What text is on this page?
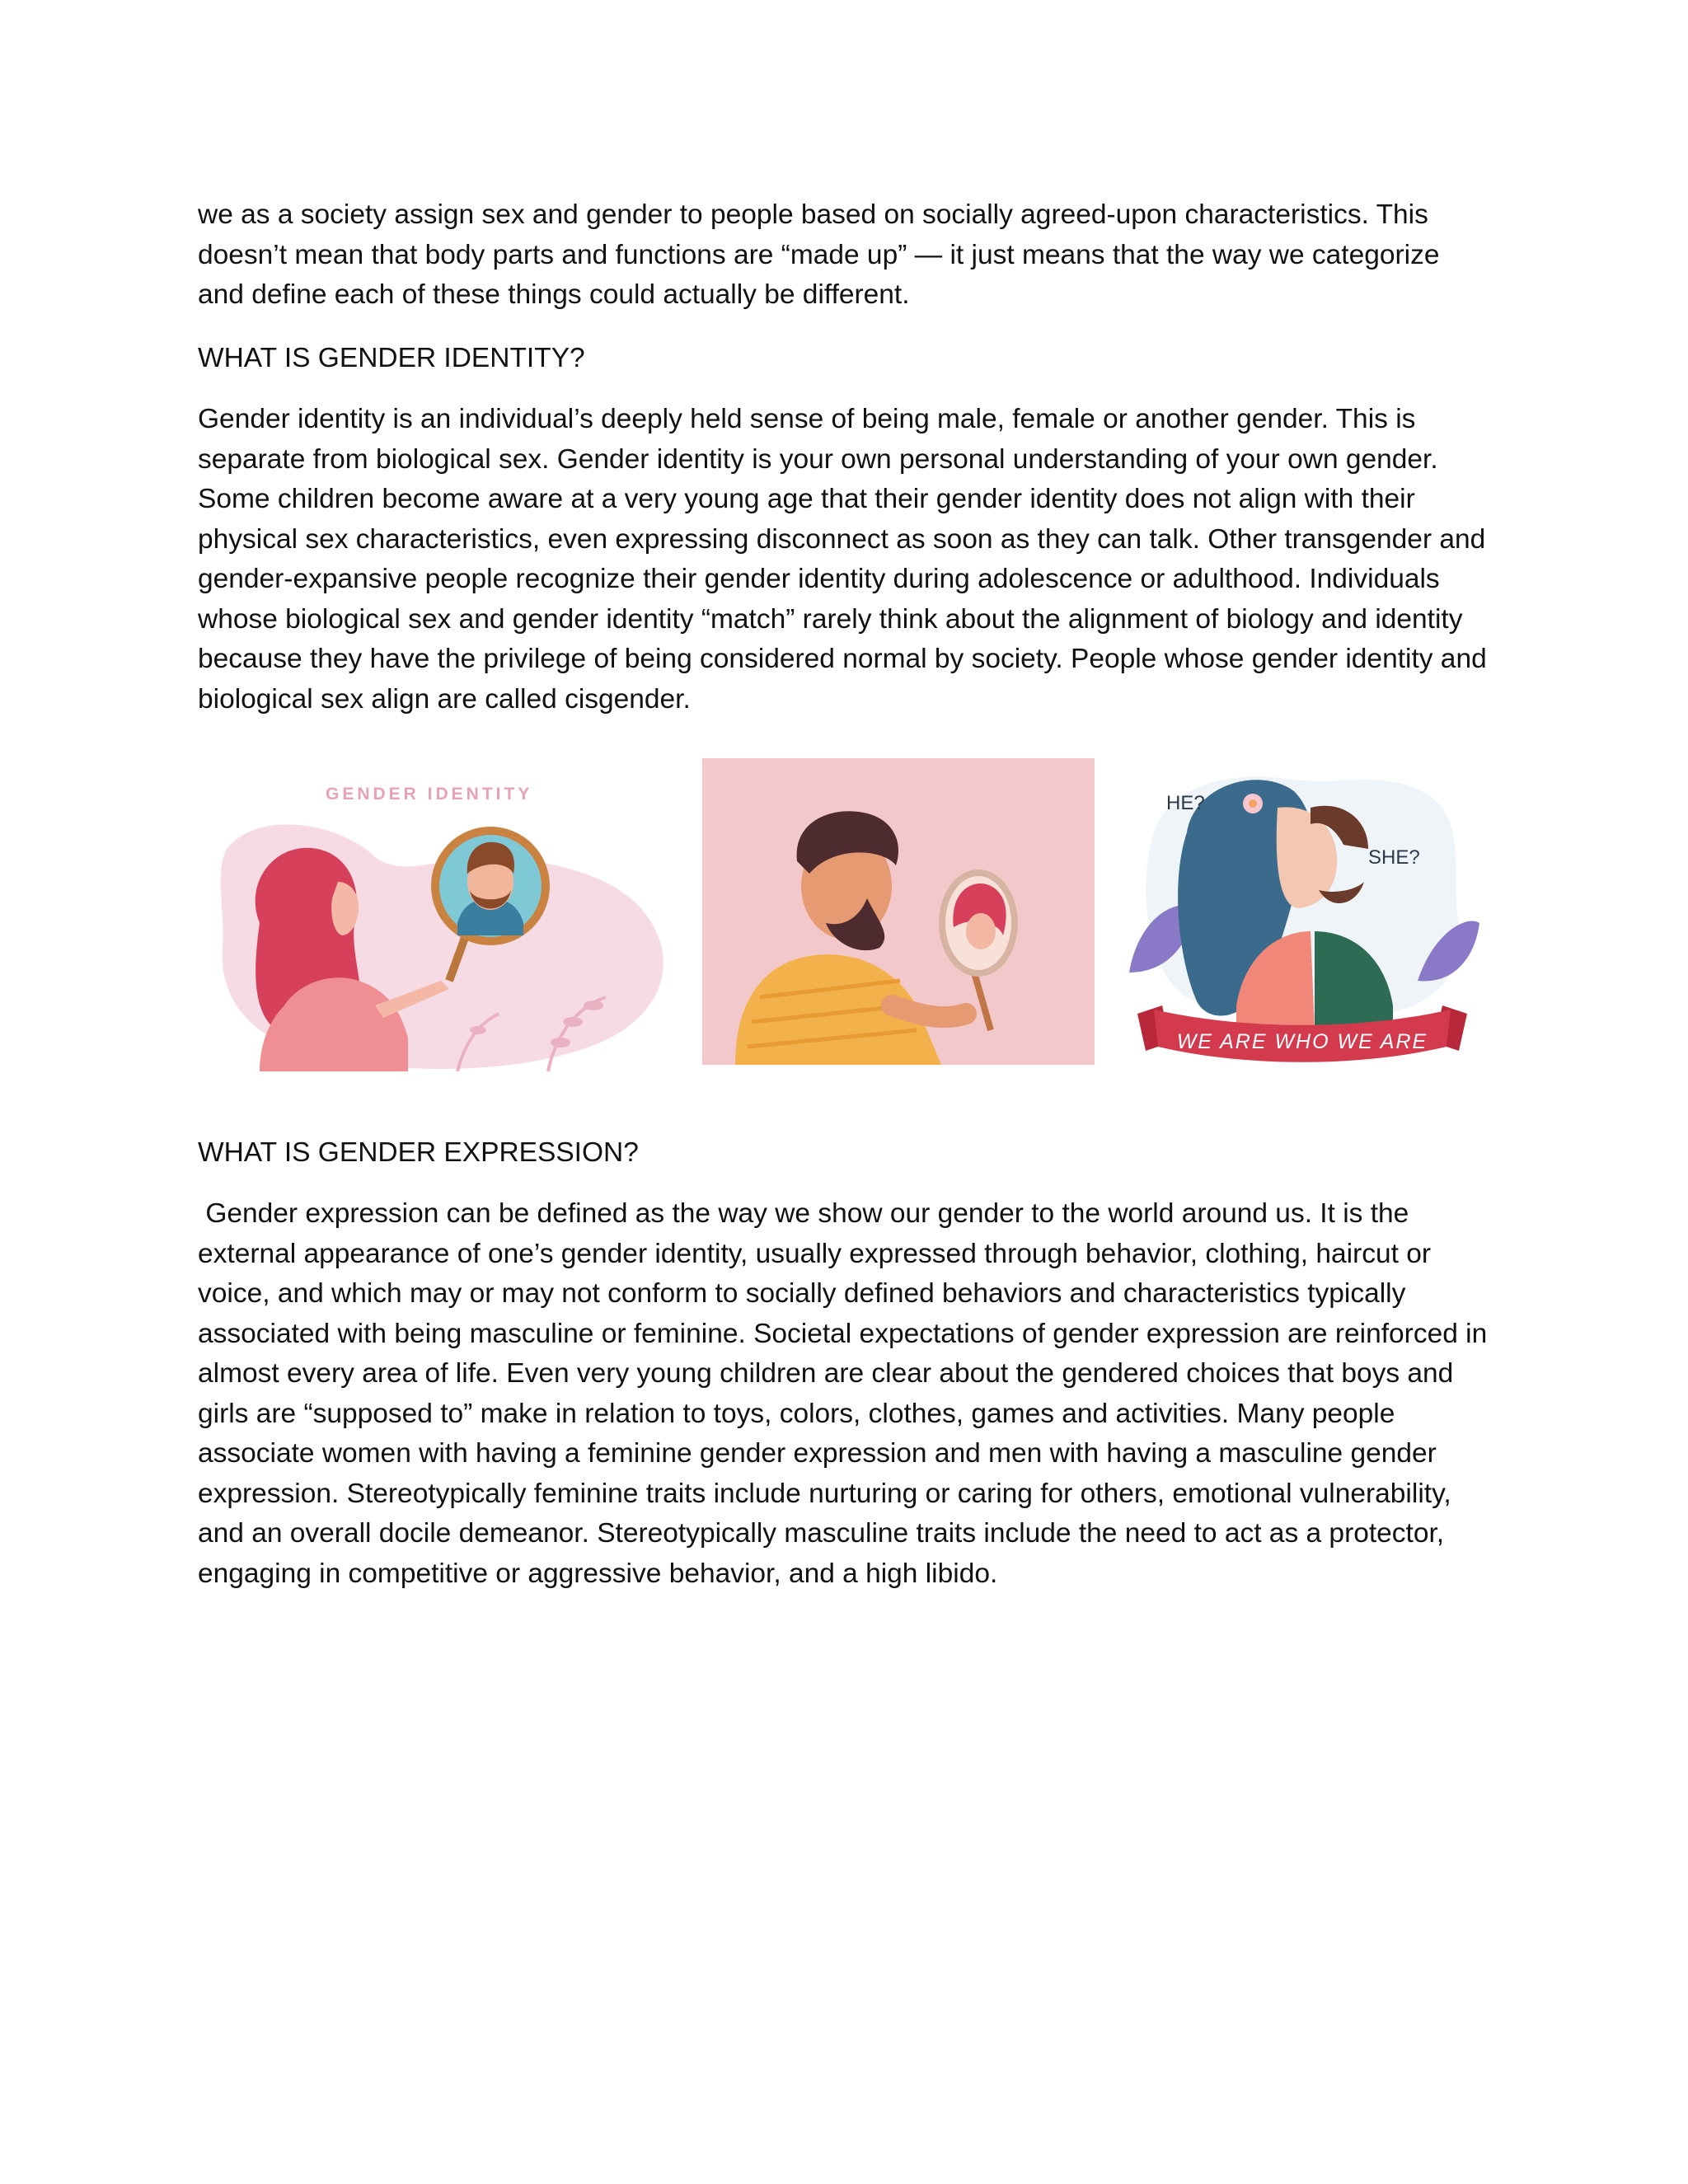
we as a society assign sex and gender to people based on socially agreed-upon characteristics. This doesn’t mean that body parts and functions are “made up” — it just means that the way we categorize and define each of these things could actually be different.

WHAT IS GENDER IDENTITY?

Gender identity is an individual’s deeply held sense of being male, female or another gender. This is separate from biological sex. Gender identity is your own personal understanding of your own gender. Some children become aware at a very young age that their gender identity does not align with their physical sex characteristics, even expressing disconnect as soon as they can talk. Other transgender and gender-expansive people recognize their gender identity during adolescence or adulthood. Individuals whose biological sex and gender identity “match” rarely think about the alignment of biology and identity because they have the privilege of being considered normal by society. People whose gender identity and biological sex align are called cisgender.

GENDER IDENTITY	HE?
SHE?
WE ARE WHO WE ARE

WHAT IS GENDER EXPRESSION?

Gender expression can be defined as the way we show our gender to the world around us. It is the external appearance of one’s gender identity, usually expressed through behavior, clothing, haircut or voice, and which may or may not conform to socially defined behaviors and characteristics typically associated with being masculine or feminine. Societal expectations of gender expression are reinforced in almost every area of life. Even very young children are clear about the gendered choices that boys and girls are “supposed to” make in relation to toys, colors, clothes, games and activities. Many people associate women with having a feminine gender expression and men with having a masculine gender expression. Stereotypically feminine traits include nurturing or caring for others, emotional vulnerability, and an overall docile demeanor. Stereotypically masculine traits include the need to act as a protector, engaging in competitive or aggressive behavior, and a high libido.
